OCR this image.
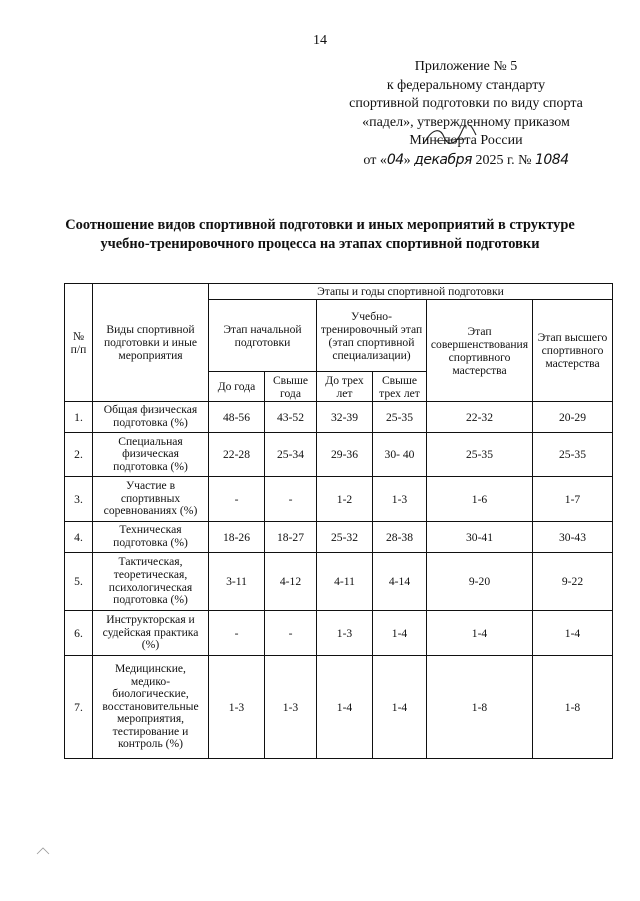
14
Приложение № 5
к федеральному стандарту
спортивной подготовки по виду спорта
«падел», утвержденному приказом
Минспорта России
от «04» декабря 2025 г. № 1084
Соотношение видов спортивной подготовки и иных мероприятий в структуре учебно-тренировочного процесса на этапах спортивной подготовки
№ п/п	Виды спортивной подготовки и иные мероприятия	Этапы и годы спортивной подготовки					
		Этап начальной подготовки		Учебно-тренировочный этап (этап спортивной специализации)		Этап совершенствования спортивного мастерства	Этап высшего спортивного мастерства
		До года	Свыше года	До трех лет	Свыше трех лет		
1.	Общая физическая подготовка (%)	48-56	43-52	32-39	25-35	22-32	20-29
2.	Специальная физическая подготовка (%)	22-28	25-34	29-36	30- 40	25-35	25-35
3.	Участие в спортивных соревнованиях (%)	-	-	1-2	1-3	1-6	1-7
4.	Техническая подготовка (%)	18-26	18-27	25-32	28-38	30-41	30-43
5.	Тактическая, теоретическая, психологическая подготовка (%)	3-11	4-12	4-11	4-14	9-20	9-22
6.	Инструкторская и судейская практика (%)	-	-	1-3	1-4	1-4	1-4
7.	Медицинские, медико-биологические, восстановительные мероприятия, тестирование и контроль (%)	1-3	1-3	1-4	1-4	1-8	1-8
